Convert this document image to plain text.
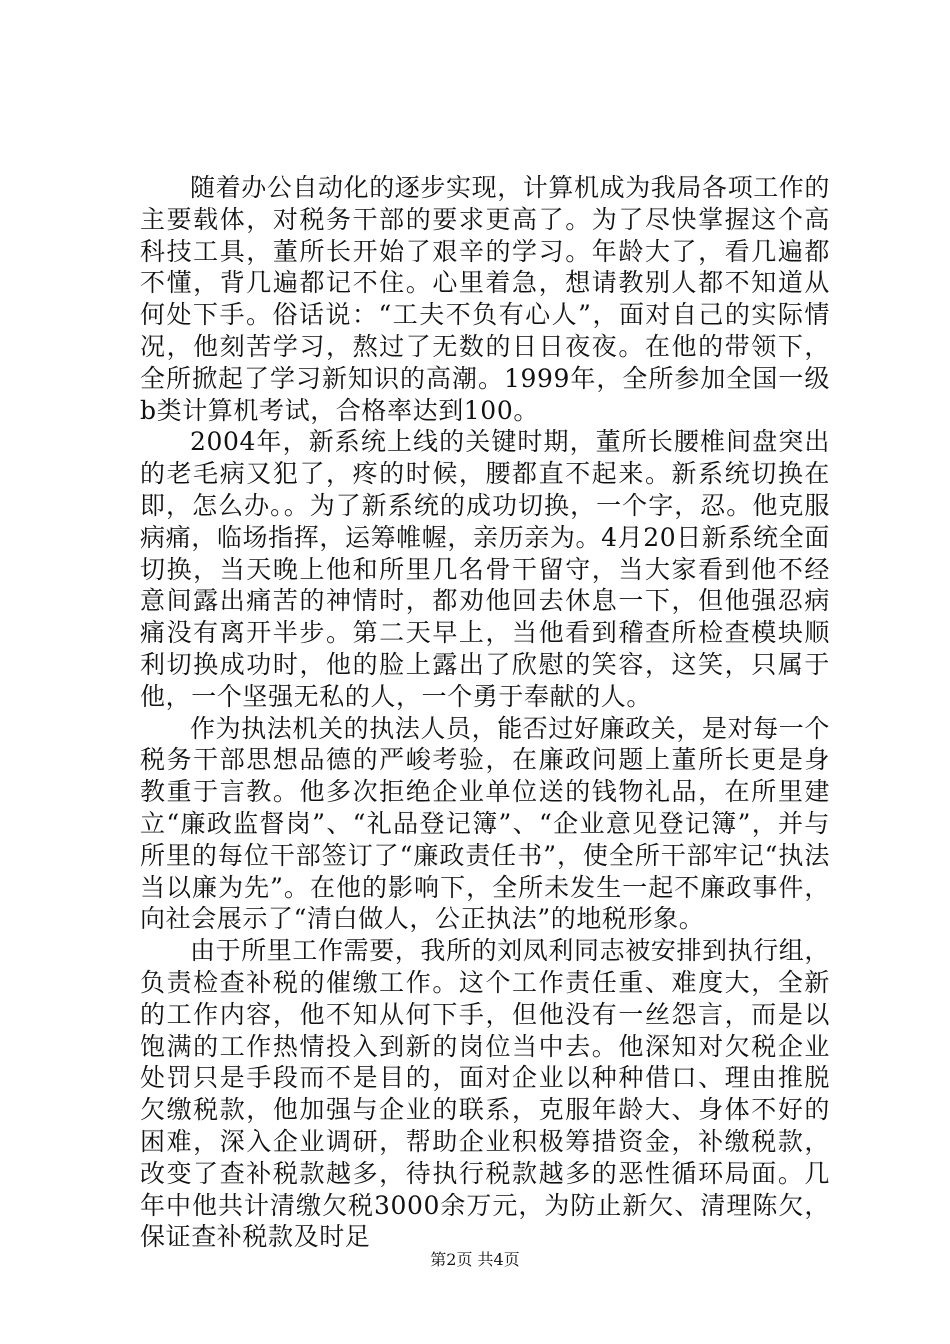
随着办公自动化的逐步实现，计算机成为我局各项工作的主要载体，对税务干部的要求更高了。为了尽快掌握这个高科技工具，董所长开始了艰辛的学习。年龄大了，看几遍都不懂，背几遍都记不住。心里着急，想请教别人都不知道从何处下手。俗话说：“工夫不负有心人”，面对自己的实际情况，他刻苦学习，熬过了无数的日日夜夜。在他的带领下，全所掀起了学习新知识的高潮。1999年，全所参加全国一级b类计算机考试，合格率达到100。

2004年，新系统上线的关键时期，董所长腰椎间盘突出的老毛病又犯了，疼的时候，腰都直不起来。新系统切换在即，怎么办。。为了新系统的成功切换，一个字，忍。他克服病痛，临场指挥，运筹帷幄，亲历亲为。4月20日新系统全面切换，当天晚上他和所里几名骨干留守，当大家看到他不经意间露出痛苦的神情时，都劝他回去休息一下，但他强忍病痛没有离开半步。第二天早上，当他看到稽查所检查模块顺利切换成功时，他的脸上露出了欣慰的笑容，这笑，只属于他，一个坚强无私的人，一个勇于奉献的人。

作为执法机关的执法人员，能否过好廉政关，是对每一个税务干部思想品德的严峻考验，在廉政问题上董所长更是身教重于言教。他多次拒绝企业单位送的钱物礼品，在所里建立“廉政监督岗”、“礼品登记簿”、“企业意见登记簿”，并与所里的每位干部签订了“廉政责任书”，使全所干部牢记“执法当以廉为先”。在他的影响下，全所未发生一起不廉政事件，向社会展示了“清白做人，公正执法”的地税形象。

由于所里工作需要，我所的刘凤利同志被安排到执行组，负责检查补税的催缴工作。这个工作责任重、难度大，全新的工作内容，他不知从何下手，但他没有一丝怨言，而是以饱满的工作热情投入到新的岗位当中去。他深知对欠税企业处罚只是手段而不是目的，面对企业以种种借口、理由推脱欠缴税款，他加强与企业的联系，克服年龄大、身体不好的困难，深入企业调研，帮助企业积极筹措资金，补缴税款，改变了查补税款越多，待执行税款越多的恶性循环局面。几年中他共计清缴欠税3000余万元，为防止新欠、清理陈欠，保证查补税款及时足

第2页 共4页
